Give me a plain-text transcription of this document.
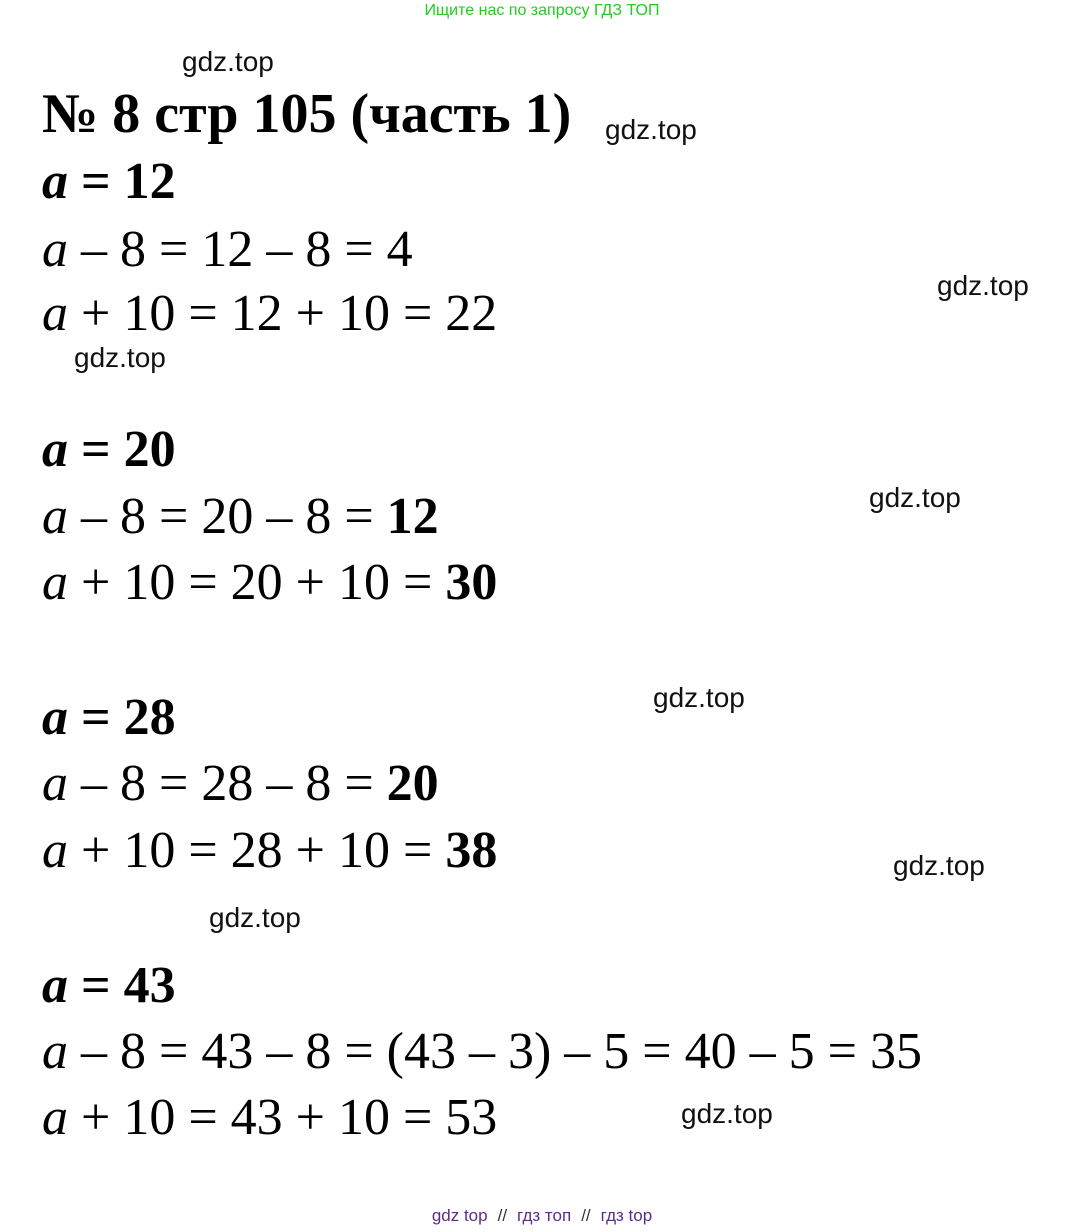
Ищите нас по запросу ГДЗ ТОП
№ 8 стр 105 (часть 1)
a = 12
a – 8 = 12 – 8 = 4
a + 10 = 12 + 10 = 22
a = 20
a – 8 = 20 – 8 = 12
a + 10 = 20 + 10 = 30
a = 28
a – 8 = 28 – 8 = 20
a + 10 = 28 + 10 = 38
a = 43
a – 8 = 43 – 8 = (43 – 3) – 5 = 40 – 5 = 35
a + 10 = 43 + 10 = 53
gdz.top
gdz.top
gdz.top
gdz.top
gdz.top
gdz.top
gdz.top
gdz.top
gdz.top
gdz top // гдз топ // гдз top
